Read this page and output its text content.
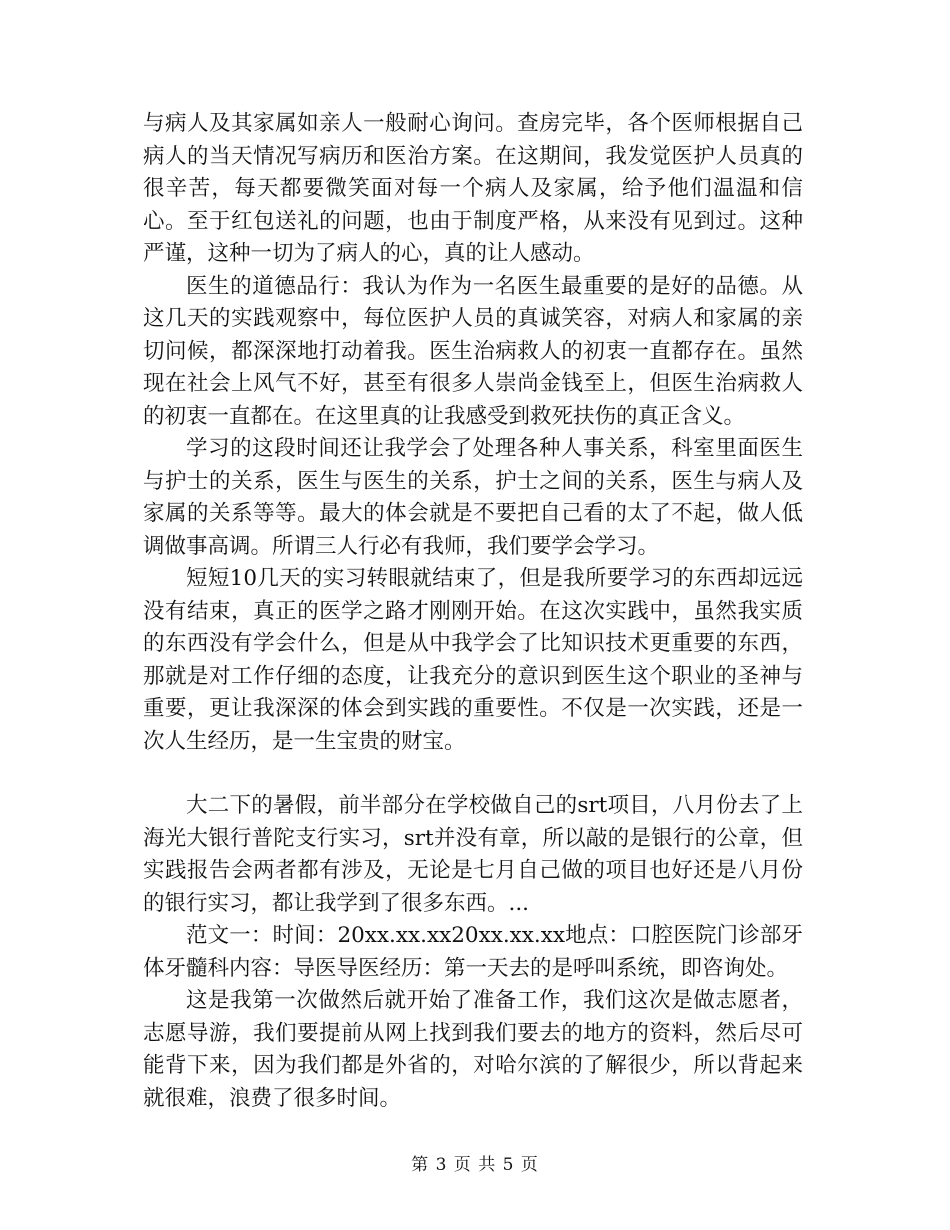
与病人及其家属如亲人一般耐心询问。查房完毕，各个医师根据自己病人的当天情况写病历和医治方案。在这期间，我发觉医护人员真的很辛苦，每天都要微笑面对每一个病人及家属，给予他们温温和信心。至于红包送礼的问题，也由于制度严格，从来没有见到过。这种严谨，这种一切为了病人的心，真的让人感动。

医生的道德品行：我认为作为一名医生最重要的是好的品德。从这几天的实践观察中，每位医护人员的真诚笑容，对病人和家属的亲切问候，都深深地打动着我。医生治病救人的初衷一直都存在。虽然现在社会上风气不好，甚至有很多人崇尚金钱至上，但医生治病救人的初衷一直都在。在这里真的让我感受到救死扶伤的真正含义。

学习的这段时间还让我学会了处理各种人事关系，科室里面医生与护士的关系，医生与医生的关系，护士之间的关系，医生与病人及家属的关系等等。最大的体会就是不要把自己看的太了不起，做人低调做事高调。所谓三人行必有我师，我们要学会学习。

短短10几天的实习转眼就结束了，但是我所要学习的东西却远远没有结束，真正的医学之路才刚刚开始。在这次实践中，虽然我实质的东西没有学会什么，但是从中我学会了比知识技术更重要的东西，那就是对工作仔细的态度，让我充分的意识到医生这个职业的圣神与重要，更让我深深的体会到实践的重要性。不仅是一次实践，还是一次人生经历，是一生宝贵的财宝。

大二下的暑假，前半部分在学校做自己的srt项目，八月份去了上海光大银行普陀支行实习，srt并没有章，所以敲的是银行的公章，但实践报告会两者都有涉及，无论是七月自己做的项目也好还是八月份的银行实习，都让我学到了很多东西。...

范文一：时间：20xx.xx.xx20xx.xx.xx地点：口腔医院门诊部牙体牙髓科内容：导医导医经历：第一天去的是呼叫系统，即咨询处。

这是我第一次做然后就开始了准备工作，我们这次是做志愿者，志愿导游，我们要提前从网上找到我们要去的地方的资料，然后尽可能背下来，因为我们都是外省的，对哈尔滨的了解很少，所以背起来就很难，浪费了很多时间。

第 3 页 共 5 页
